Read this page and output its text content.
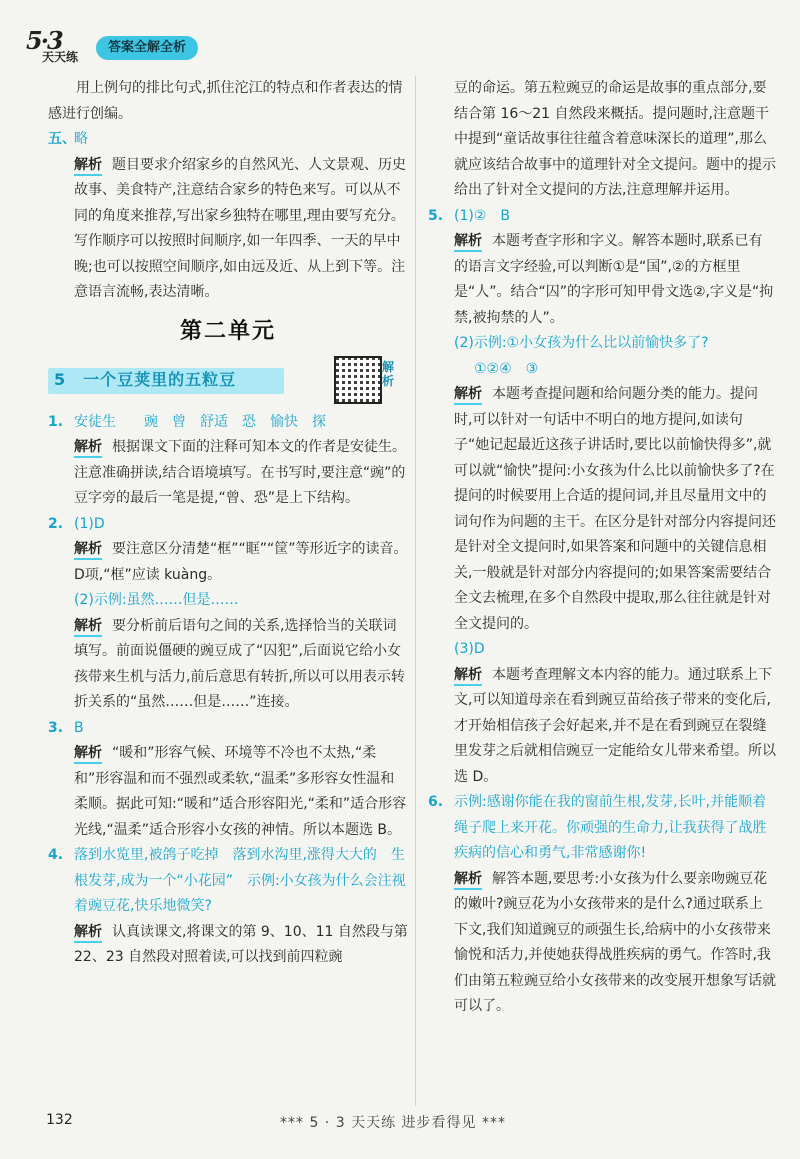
5·3
天天练
答案全解全析

用上例句的排比句式,抓住沱江的特点和作者表达的情感进行创编。

五、略

解析 题目要求介绍家乡的自然风光、人文景观、历史故事、美食特产,注意结合家乡的特色来写。可以从不同的角度来推荐,写出家乡独特在哪里,理由要写充分。写作顺序可以按照时间顺序,如一年四季、一天的早中晚;也可以按照空间顺序,如由远及近、从上到下等。注意语言流畅,表达清晰。

第二单元
5　一个豆荚里的五粒豆
解析

1. 安徒生　　豌　曾　舒适　恐　愉快　探

解析 根据课文下面的注释可知本文的作者是安徒生。注意准确拼读,结合语境填写。在书写时,要注意“豌”的豆字旁的最后一笔是提,“曾、恐”是上下结构。

2. (1)D

解析 要注意区分清楚“框”“眶”“筐”等形近字的读音。D项,“框”应读 kuàng。

(2)示例:虽然……但是……

解析 要分析前后语句之间的关系,选择恰当的关联词填写。前面说僵硬的豌豆成了“囚犯”,后面说它给小女孩带来生机与活力,前后意思有转折,所以可以用表示转折关系的“虽然……但是……”连接。

3. B

解析 “暖和”形容气候、环境等不冷也不太热,“柔和”形容温和而不强烈或柔软,“温柔”多形容女性温和柔顺。据此可知:“暖和”适合形容阳光,“柔和”适合形容光线,“温柔”适合形容小女孩的神情。所以本题选 B。

4. 落到水览里,被鸽子吃掉　落到水沟里,涨得大大的　生根发芽,成为一个“小花园”　示例:小女孩为什么会注视着豌豆花,快乐地微笑?

解析 认真读课文,将课文的第 9、10、11 自然段与第 22、23 自然段对照着读,可以找到前四粒豌

豆的命运。第五粒豌豆的命运是故事的重点部分,要结合第 16～21 自然段来概括。提问题时,注意题干中提到“童话故事往往蕴含着意味深长的道理”,那么就应该结合故事中的道理针对全文提问。题中的提示给出了针对全文提问的方法,注意理解并运用。

5. (1)②　B

解析 本题考查字形和字义。解答本题时,联系已有的语言文字经验,可以判断①是“国”,②的方框里是“人”。结合“囚”的字形可知甲骨文选②,字义是“拘禁,被拘禁的人”。

(2)示例:①小女孩为什么比以前愉快多了?

①②④　③

解析 本题考查提问题和给问题分类的能力。提问时,可以针对一句话中不明白的地方提问,如读句子“她记起最近这孩子讲话时,要比以前愉快得多”,就可以就“愉快”提问:小女孩为什么比以前愉快多了?在提问的时候要用上合适的提问词,并且尽量用文中的词句作为问题的主干。在区分是针对部分内容提问还是针对全文提问时,如果答案和问题中的关键信息相关,一般就是针对部分内容提问的;如果答案需要结合全文去梳理,在多个自然段中提取,那么往往就是针对全文提问的。

(3)D

解析 本题考查理解文本内容的能力。通过联系上下文,可以知道母亲在看到豌豆苗给孩子带来的变化后,才开始相信孩子会好起来,并不是在看到豌豆在裂缝里发芽之后就相信豌豆一定能给女儿带来希望。所以选 D。

6. 示例:感谢你能在我的窗前生根,发芽,长叶,并能顺着绳子爬上来开花。你顽强的生命力,让我获得了战胜疾病的信心和勇气,非常感谢你!

解析 解答本题,要思考:小女孩为什么要亲吻豌豆花的嫩叶?豌豆花为小女孩带来的是什么?通过联系上下文,我们知道豌豆的顽强生长,给病中的小女孩带来愉悦和活力,并使她获得战胜疾病的勇气。作答时,我们由第五粒豌豆给小女孩带来的改变展开想象写话就可以了。

132	*** 5 · 3 天天练 进步看得见 ***
